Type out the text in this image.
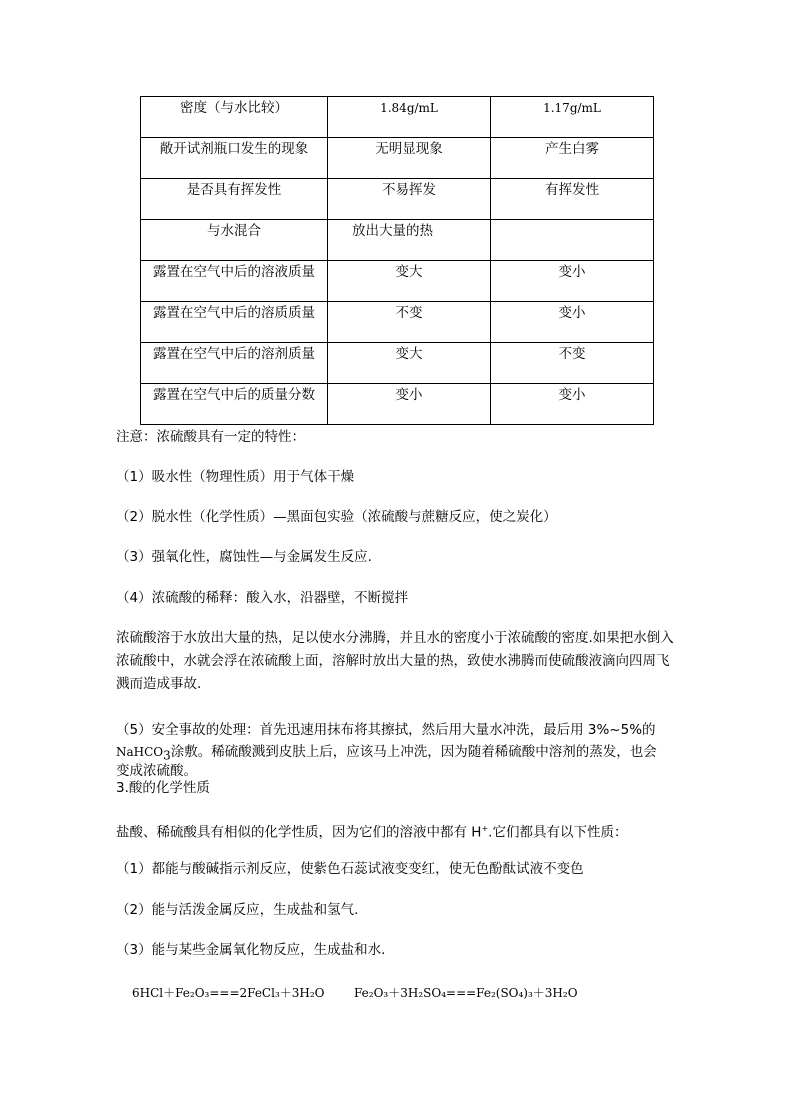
密度（与水比较）	1.84g/mL	1.17g/mL

敞开试剂瓶口发生的现象	无明显现象	产生白雾

是否具有挥发性	不易挥发	有挥发性

与水混合	放出大量的热	

露置在空气中后的溶液质量	变大	变小

露置在空气中后的溶质质量	不变	变小

露置在空气中后的溶剂质量	变大	不变

露置在空气中后的质量分数	变小	变小
注意：浓硫酸具有一定的特性：
（1）吸水性（物理性质）用于气体干燥
（2）脱水性（化学性质）—黑面包实验（浓硫酸与蔗糖反应，使之炭化）
（3）强氧化性，腐蚀性—与金属发生反应.
（4）浓硫酸的稀释：酸入水，沿器壁，不断搅拌
浓硫酸溶于水放出大量的热，足以使水分沸腾，并且水的密度小于浓硫酸的密度.如果把水倒入浓硫酸中，水就会浮在浓硫酸上面，溶解时放出大量的热，致使水沸腾而使硫酸液滴向四周飞溅而造成事故.
（5）安全事故的处理：首先迅速用抹布将其擦拭，然后用大量水冲洗，最后用 3%~5%的
NaHCO$_3$涂敷。稀硫酸溅到皮肤上后，应该马上冲洗，因为随着稀硫酸中溶剂的蒸发，也会
变成浓硫酸。
3.酸的化学性质
盐酸、稀硫酸具有相似的化学性质，因为它们的溶液中都有 H+.它们都具有以下性质：
（1）都能与酸碱指示剂反应，使紫色石蕊试液变变红，使无色酚酞试液不变色
（2）能与活泼金属反应，生成盐和氢气.
（3）能与某些金属氧化物反应，生成盐和水.
6HCl＋Fe₂O₃===2FeCl₃＋3H₂O Fe₂O₃＋3H₂SO₄===Fe₂(SO₄)₃＋3H₂O
